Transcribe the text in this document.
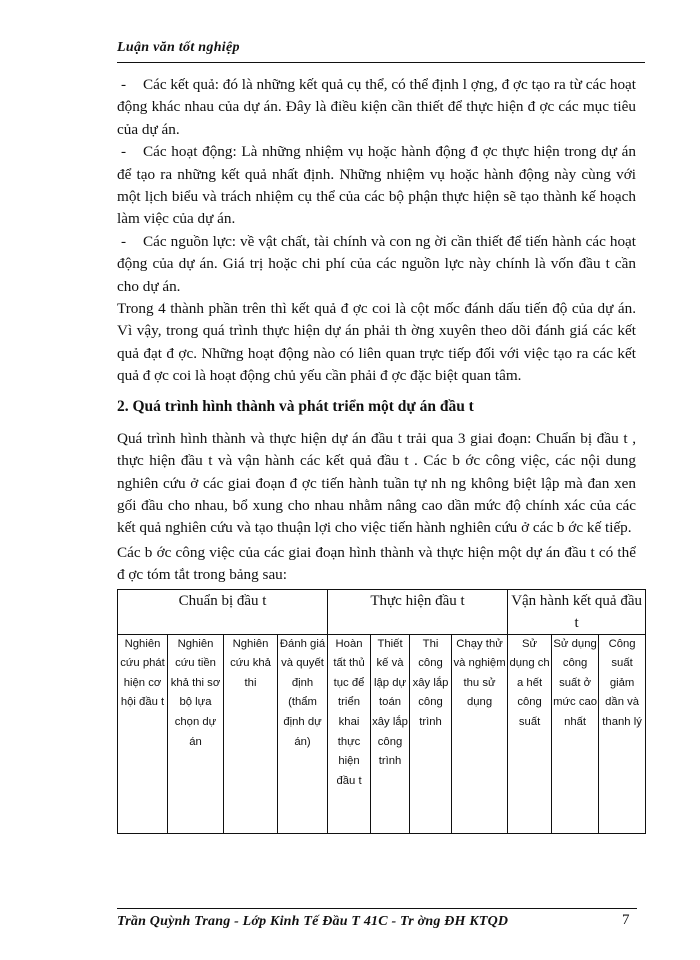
Luận văn tốt nghiệp

- Các kết quả: đó là những kết quả cụ thể, có thể định l ợng, đ ợc tạo ra từ các hoạt động khác nhau của dự án. Đây là điều kiện cần thiết để thực hiện đ ợc các mục tiêu của dự án.

- Các hoạt động: Là những nhiệm vụ hoặc hành động đ ợc thực hiện trong dự án để tạo ra những kết quả nhất định. Những nhiệm vụ hoặc hành động này cùng với một lịch biểu và trách nhiệm cụ thể của các bộ phận thực hiện sẽ tạo thành kế hoạch làm việc của dự án.

- Các nguồn lực: về vật chất, tài chính và con ng ời cần thiết để tiến hành các hoạt động của dự án. Giá trị hoặc chi phí của các nguồn lực này chính là vốn đầu t cần cho dự án.

Trong 4 thành phần trên thì kết quả đ ợc coi là cột mốc đánh dấu tiến độ của dự án. Vì vậy, trong quá trình thực hiện dự án phải th ờng xuyên theo dõi đánh giá các kết quả đạt đ ợc. Những hoạt động nào có liên quan trực tiếp đối với việc tạo ra các kết quả đ ợc coi là hoạt động chủ yếu cần phải đ ợc đặc biệt quan tâm.

2. Quá trình hình thành và phát triển một dự án đầu t

Quá trình hình thành và thực hiện dự án đầu t trải qua 3 giai đoạn: Chuẩn bị đầu t , thực hiện đầu t và vận hành các kết quả đầu t . Các b ớc công việc, các nội dung nghiên cứu ở các giai đoạn đ ợc tiến hành tuần tự nh ng không biệt lập mà đan xen gối đầu cho nhau, bổ xung cho nhau nhằm nâng cao dần mức độ chính xác của các kết quả nghiên cứu và tạo thuận lợi cho việc tiến hành nghiên cứu ở các b ớc kế tiếp.

Các b ớc công việc của các giai đoạn hình thành và thực hiện một dự án đầu t có thể đ ợc tóm tắt trong bảng sau:

Chuẩn bị đầu t				Thực hiện đầu t				Vận hành kết quả đầu t		
Nghiên cứu phát hiện cơ hội đầu t	Nghiên cứu tiền khả thi sơ bộ lựa chọn dự án	Nghiên cứu khả thi	Đánh giá và quyết định (thẩm định dự án)	Hoàn tất thủ tục để triển khai thực hiện đầu t	Thiết kế và lập dự toán xây lắp công trình	Thi công xây lắp công trình	Chạy thử và nghiệm thu sử dụng	Sử dụng ch a hết công suất	Sử dụng công suất ở mức cao nhất	Công suất giảm dần và thanh lý
Trần Quỳnh Trang - Lớp Kinh Tế Đầu T 41C - Tr ờng ĐH KTQD	7
